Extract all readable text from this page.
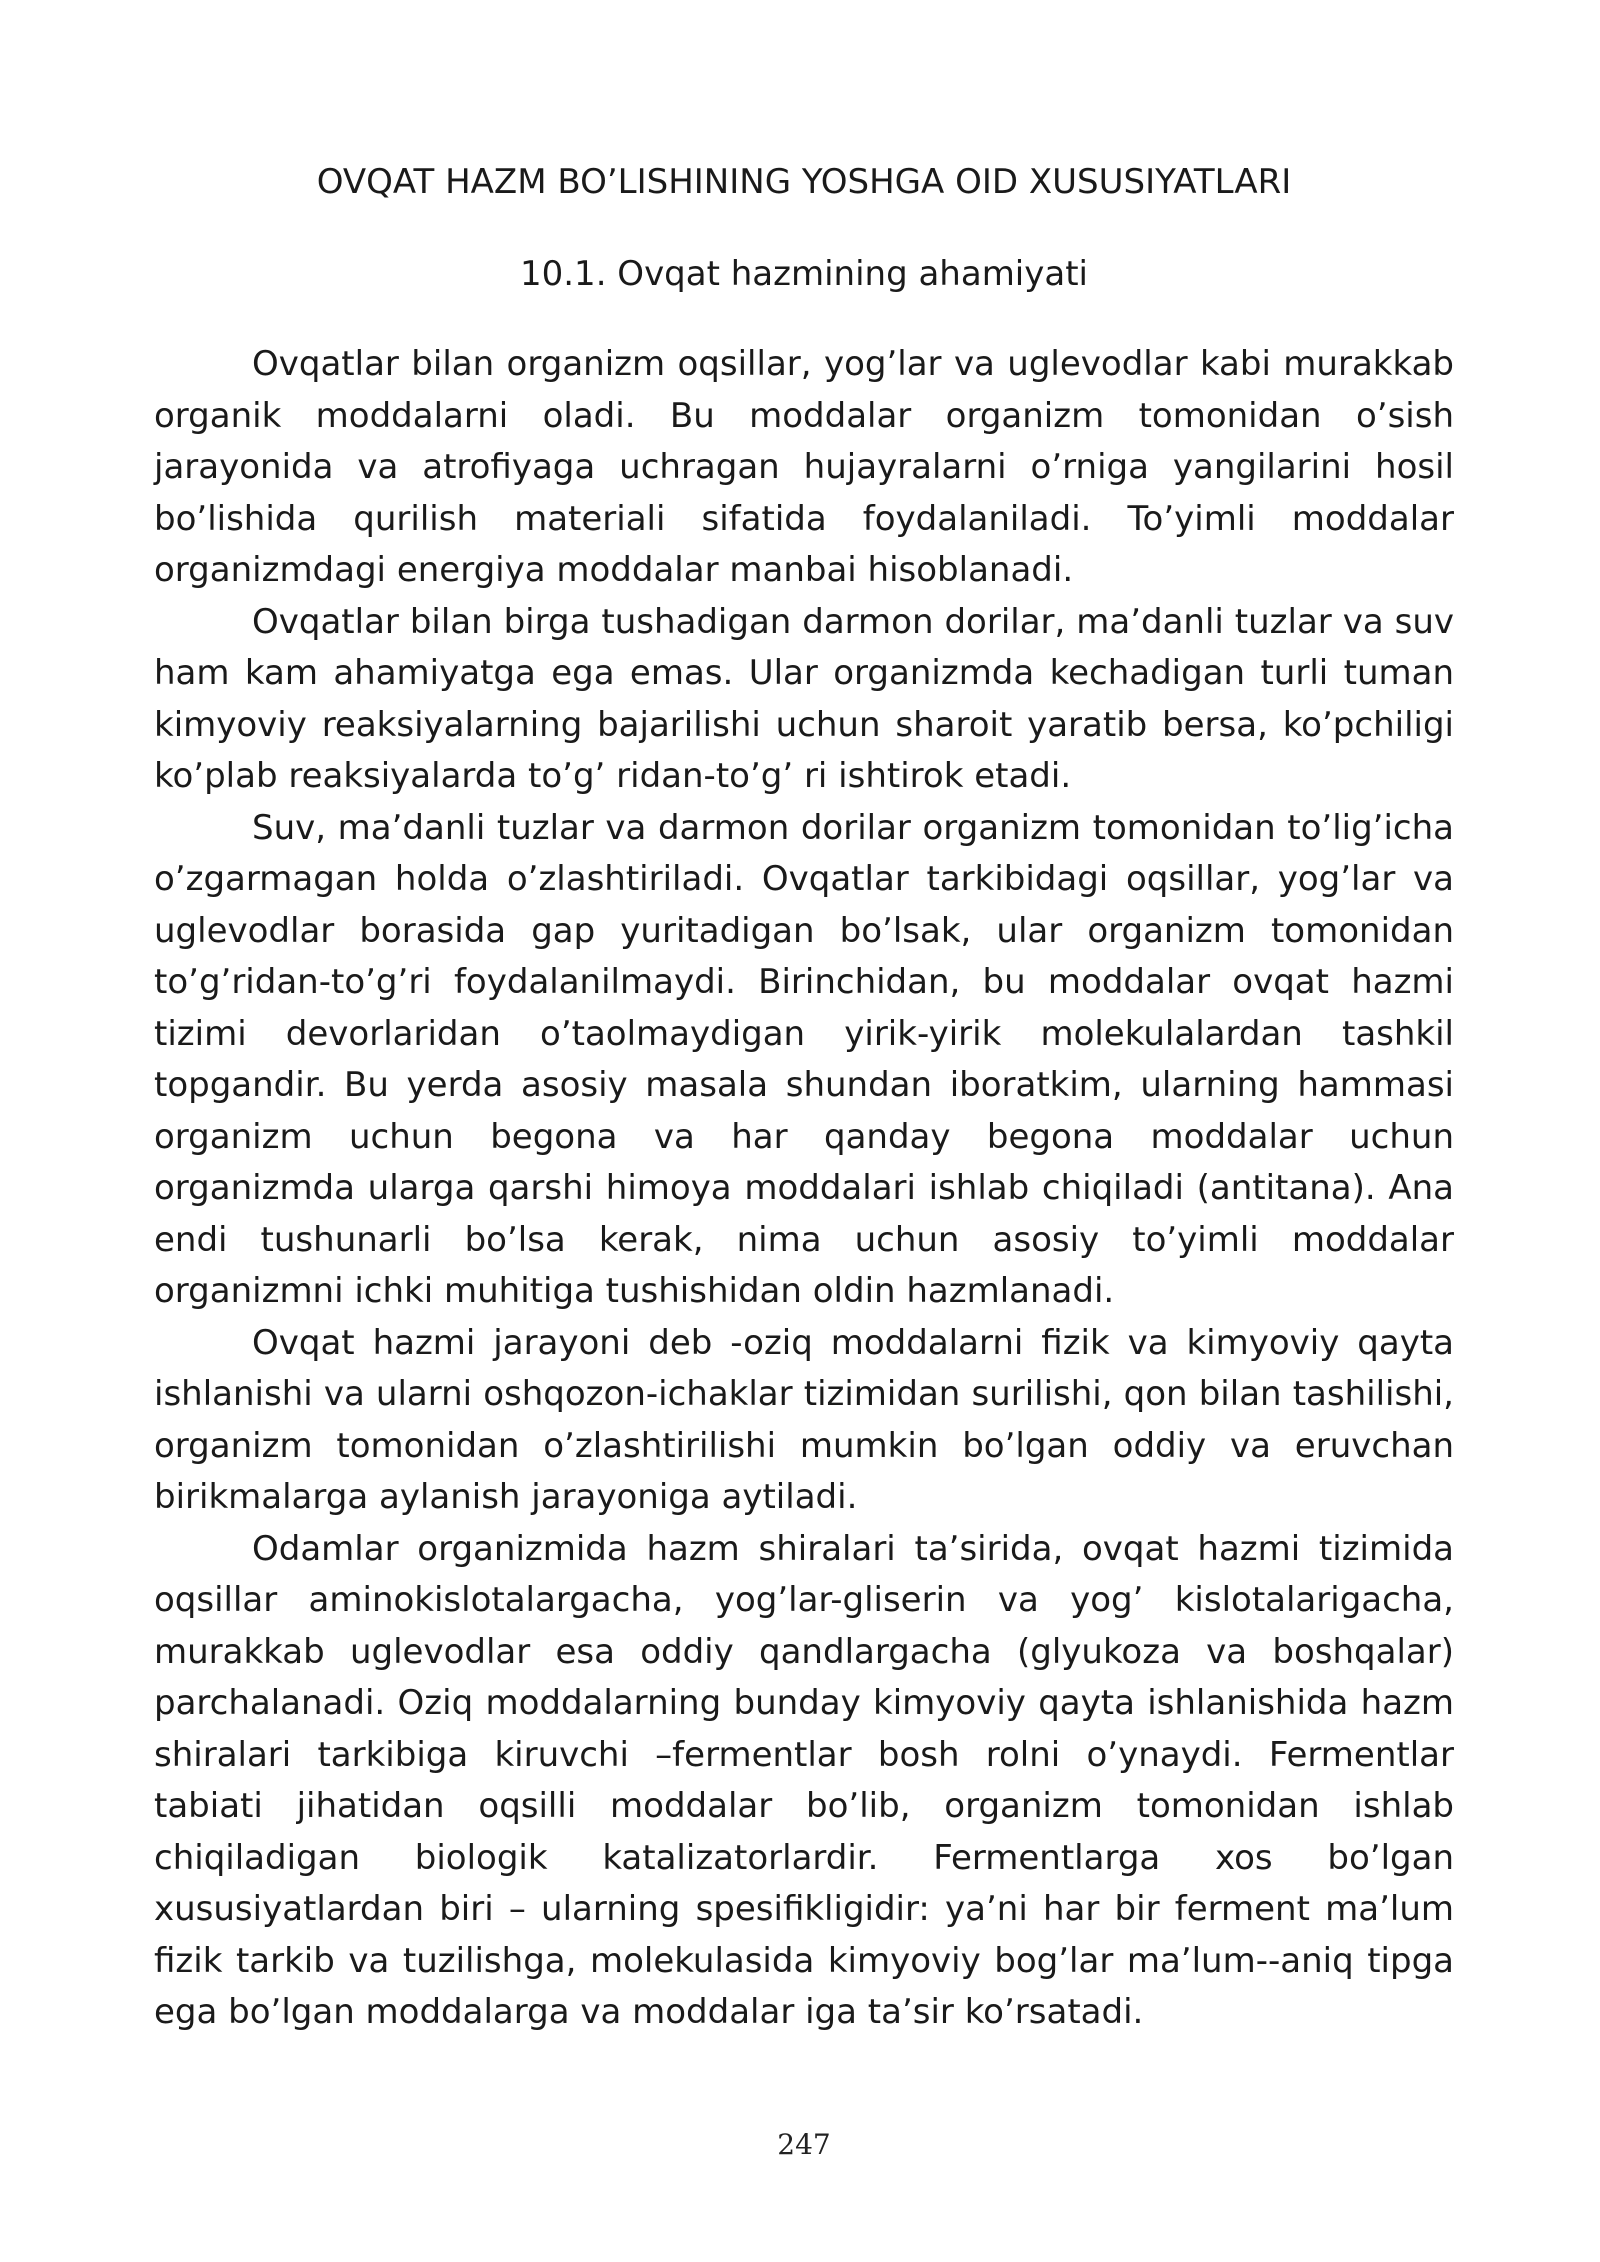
OVQAT HAZM BO’LISHINING YOSHGA OID XUSUSIYATLARI
10.1. Ovqat hazmining ahamiyati

Ovqatlar bilan organizm oqsillar, yog’lar va uglevodlar kabi murakkab organik moddalarni oladi. Bu moddalar organizm tomonidan o’sish jarayonida va atrofiyaga uchragan hujayralarni o’rniga yangilarini hosil bo’lishida qurilish materiali sifatida foydalaniladi. To’yimli moddalar organizmdagi energiya moddalar manbai hisoblanadi.

Ovqatlar bilan birga tushadigan darmon dorilar, ma’danli tuzlar va suv ham kam ahamiyatga ega emas. Ular organizmda kechadigan turli tuman kimyoviy reaksiyalarning bajarilishi uchun sharoit yaratib bersa, ko’pchiligi ko’plab reaksiyalarda to’g’ ridan-to’g’ ri ishtirok etadi.

Suv, ma’danli tuzlar va darmon dorilar organizm tomonidan to’lig’icha o’zgarmagan holda o’zlashtiriladi. Ovqatlar tarkibidagi oqsillar, yog’lar va uglevodlar borasida gap yuritadigan bo’lsak, ular organizm tomonidan to’g’ridan-to’g’ri foydalanilmaydi. Birinchidan, bu moddalar ovqat hazmi tizimi devorlaridan o’taolmaydigan yirik-yirik molekulalardan tashkil topgandir. Bu yerda asosiy masala shundan iboratkim, ularning hammasi organizm uchun begona va har qanday begona moddalar uchun organizmda ularga qarshi himoya moddalari ishlab chiqiladi (antitana). Ana endi tushunarli bo’lsa kerak, nima uchun asosiy to’yimli moddalar organizmni ichki muhitiga tushishidan oldin hazmlanadi.

Ovqat hazmi jarayoni deb -oziq moddalarni fizik va kimyoviy qayta ishlanishi va ularni oshqozon-ichaklar tizimidan surilishi, qon bilan tashilishi, organizm tomonidan o’zlashtirilishi mumkin bo’lgan oddiy va eruvchan birikmalarga aylanish jarayoniga aytiladi.

Odamlar organizmida hazm shiralari ta’sirida, ovqat hazmi tizimida oqsillar aminokislotalargacha, yog’lar-gliserin va yog’ kislotalarigacha, murakkab uglevodlar esa oddiy qandlargacha (glyukoza va boshqalar) parchalanadi. Oziq moddalarning bunday kimyoviy qayta ishlanishida hazm shiralari tarkibiga kiruvchi –fermentlar bosh rolni o’ynaydi. Fermentlar tabiati jihatidan oqsilli moddalar bo’lib, organizm tomonidan ishlab chiqiladigan biologik katalizatorlardir. Fermentlarga xos bo’lgan xususiyatlardan biri – ularning spesifikligidir: ya’ni har bir ferment ma’lum fizik tarkib va tuzilishga, molekulasida kimyoviy bog’lar ma’lum--aniq tipga ega bo’lgan moddalarga va moddalar iga ta’sir ko’rsatadi.

247
